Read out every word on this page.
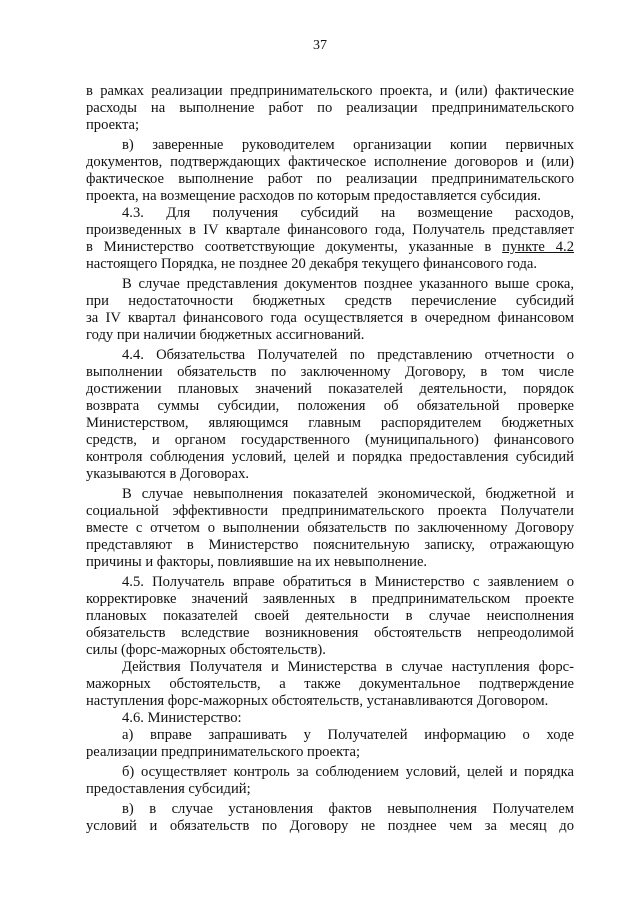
37
в рамках реализации предпринимательского проекта, и (или) фактические
расходы на выполнение работ по реализации предпринимательского
проекта;
в) заверенные руководителем организации копии первичных
документов, подтверждающих фактическое исполнение договоров и (или)
фактическое выполнение работ по реализации предпринимательского
проекта, на возмещение расходов по которым предоставляется субсидия.
4.3. Для получения субсидий на возмещение расходов,
произведенных в IV квартале финансового года, Получатель представляет
в Министерство соответствующие документы, указанные в пункте 4.2
настоящего Порядка, не позднее 20 декабря текущего финансового года.
В случае представления документов позднее указанного выше срока,
при недостаточности бюджетных средств перечисление субсидий
за IV квартал финансового года осуществляется в очередном финансовом
году при наличии бюджетных ассигнований.
4.4. Обязательства Получателей по представлению отчетности о
выполнении обязательств по заключенному Договору, в том числе
достижении плановых значений показателей деятельности, порядок
возврата суммы субсидии, положения об обязательной проверке
Министерством, являющимся главным распорядителем бюджетных
средств, и органом государственного (муниципального) финансового
контроля соблюдения условий, целей и порядка предоставления субсидий
указываются в Договорах.
В случае невыполнения показателей экономической, бюджетной и
социальной эффективности предпринимательского проекта Получатели
вместе с отчетом о выполнении обязательств по заключенному Договору
представляют в Министерство пояснительную записку, отражающую
причины и факторы, повлиявшие на их невыполнение.
4.5. Получатель вправе обратиться в Министерство с заявлением о
корректировке значений заявленных в предпринимательском проекте
плановых показателей своей деятельности в случае неисполнения
обязательств вследствие возникновения обстоятельств непреодолимой
силы (форс-мажорных обстоятельств).
Действия Получателя и Министерства в случае наступления форс-
мажорных обстоятельств, а также документальное подтверждение
наступления форс-мажорных обстоятельств, устанавливаются Договором.
4.6. Министерство:
а) вправе запрашивать у Получателей информацию о ходе
реализации предпринимательского проекта;
б) осуществляет контроль за соблюдением условий, целей и порядка
предоставления субсидий;
в) в случае установления фактов невыполнения Получателем
условий и обязательств по Договору не позднее чем за месяц до
